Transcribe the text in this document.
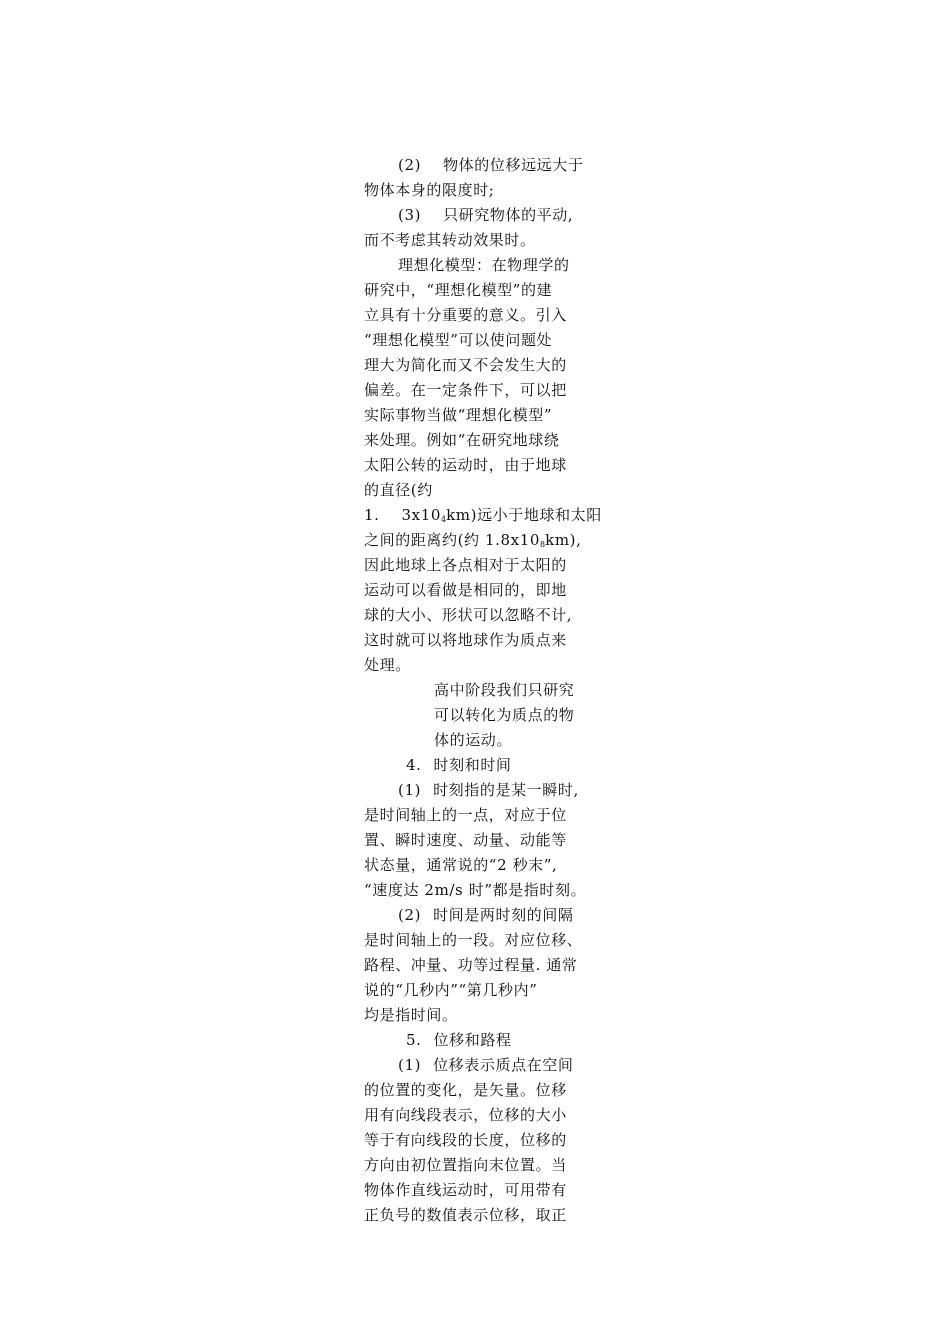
(2) 物体的位移远远大于
物体本身的限度时;
(3) 只研究物体的平动,
而不考虑其转动效果时。
理想化模型：在物理学的
研究中，“理想化模型”的建
立具有十分重要的意义。引入
“理想化模型”可以使问题处
理大为简化而又不会发生大的
偏差。在一定条件下，可以把
实际事物当做“理想化模型”
来处理。例如“在研究地球绕
太阳公转的运动时，由于地球
的直径(约
1. $3x10_4km$)远小于地球和太阳
之间的距离约(约 $1.8x10_8km$),
因此地球上各点相对于太阳的
运动可以看做是相同的，即地
球的大小、形状可以忽略不计,
这时就可以将地球作为质点来
处理。
高中阶段我们只研究
可以转化为质点的物
体的运动。
4. 时刻和时间
(1) 时刻指的是某一瞬时,
是时间轴上的一点，对应于位
置、瞬时速度、动量、动能等
状态量，通常说的“2 秒末”,
“速度达 2m/s 时”都是指时刻。
(2) 时间是两时刻的间隔
是时间轴上的一段。对应位移、
路程、冲量、功等过程量. 通常
说的“几秒内”“第几秒内”
均是指时间。
5. 位移和路程
(1) 位移表示质点在空间
的位置的变化，是矢量。位移
用有向线段表示，位移的大小
等于有向线段的长度，位移的
方向由初位置指向末位置。当
物体作直线运动时，可用带有
正负号的数值表示位移，取正
